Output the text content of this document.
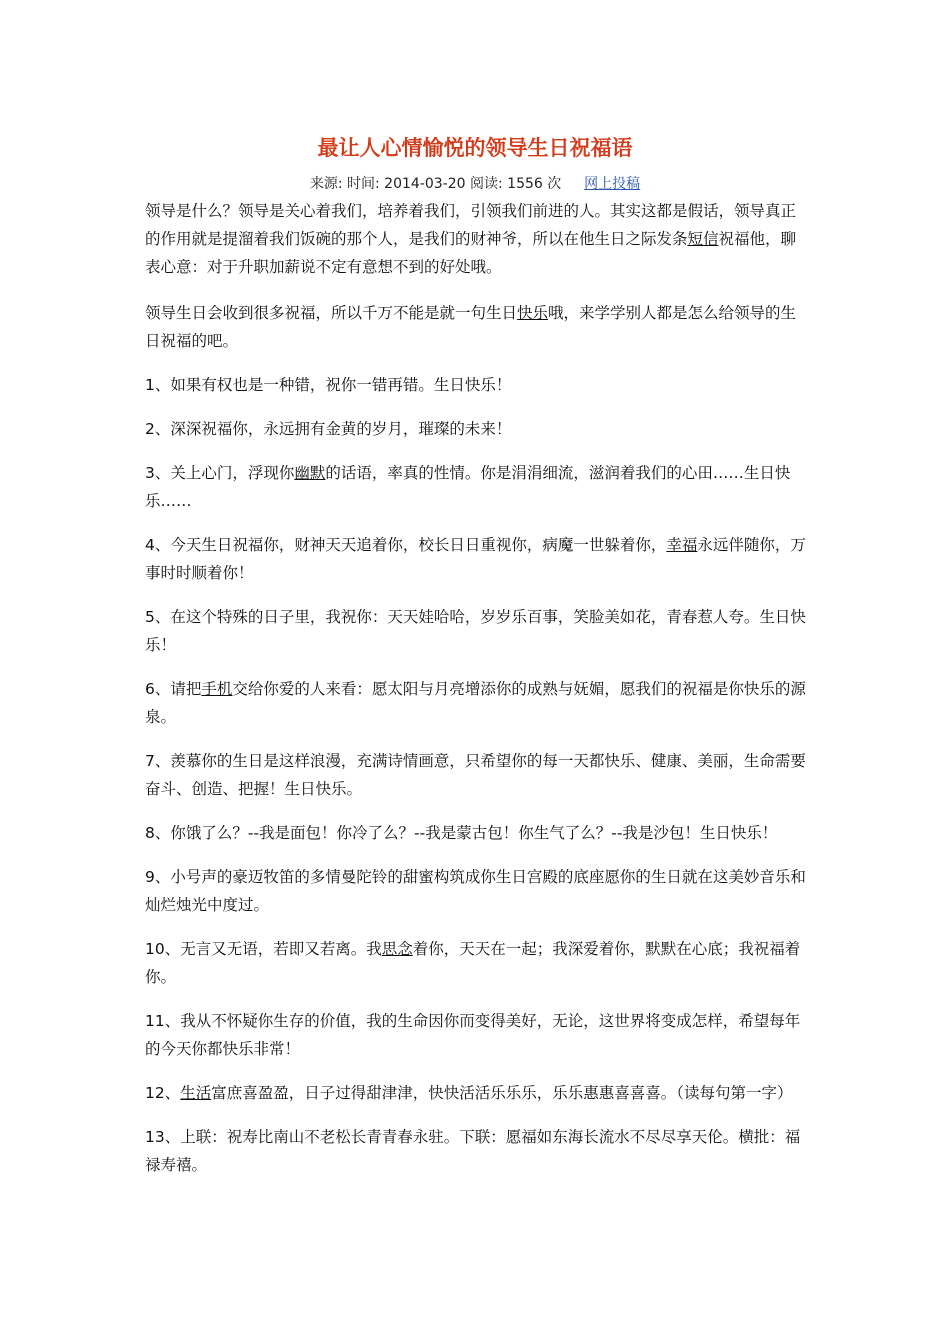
最让人心情愉悦的领导生日祝福语
来源: 时间: 2014-03-20 阅读: 1556 次 网上投稿

领导是什么？领导是关心着我们，培养着我们，引领我们前进的人。其实这都是假话，领导真正的作用就是提溜着我们饭碗的那个人，是我们的财神爷，所以在他生日之际发条短信祝福他，聊表心意：对于升职加薪说不定有意想不到的好处哦。

领导生日会收到很多祝福，所以千万不能是就一句生日快乐哦，来学学别人都是怎么给领导的生日祝福的吧。

1、如果有权也是一种错，祝你一错再错。生日快乐！

2、深深祝福你，永远拥有金黄的岁月，璀璨的未来！

3、关上心门，浮现你幽默的话语，率真的性情。你是涓涓细流，滋润着我们的心田……生日快乐……

4、今天生日祝福你，财神天天追着你，校长日日重视你，病魔一世躲着你，幸福永远伴随你，万事时时顺着你！

5、在这个特殊的日子里，我祝你：天天娃哈哈，岁岁乐百事，笑脸美如花，青春惹人夸。生日快乐！

6、请把手机交给你爱的人来看：愿太阳与月亮增添你的成熟与妩媚，愿我们的祝福是你快乐的源泉。

7、羡慕你的生日是这样浪漫，充满诗情画意，只希望你的每一天都快乐、健康、美丽，生命需要奋斗、创造、把握！生日快乐。

8、你饿了么？--我是面包！你冷了么？--我是蒙古包！你生气了么？--我是沙包！生日快乐！

9、小号声的豪迈牧笛的多情曼陀铃的甜蜜构筑成你生日宫殿的底座愿你的生日就在这美妙音乐和灿烂烛光中度过。

10、无言又无语，若即又若离。我思念着你，天天在一起；我深爱着你，默默在心底；我祝福着你。

11、我从不怀疑你生存的价值，我的生命因你而变得美好，无论，这世界将变成怎样，希望每年的今天你都快乐非常！

12、生活富庶喜盈盈，日子过得甜津津，快快活活乐乐乐，乐乐惠惠喜喜喜。（读每句第一字）

13、上联：祝寿比南山不老松长青青春永驻。下联：愿福如东海长流水不尽尽享天伦。横批：福禄寿禧。
